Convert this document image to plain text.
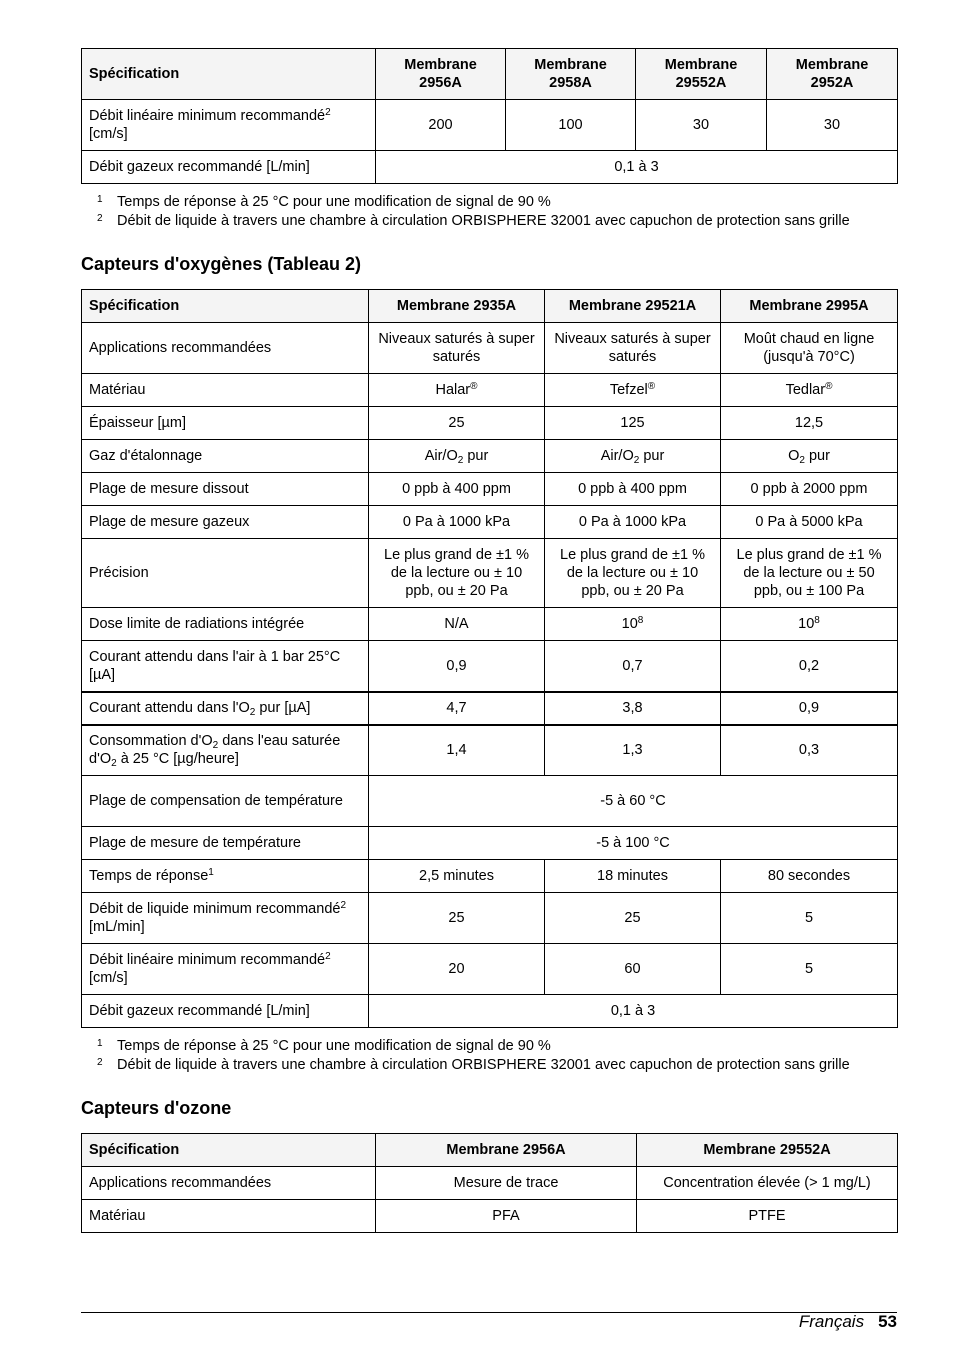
Spécification	Membrane 2956A	Membrane 2958A	Membrane 29552A	Membrane 2952A
Débit linéaire minimum recommandé$^2$
[cm/s]	200	100	30	30
Débit gazeux recommandé [L/min]	0,1 à 3			
1 Temps de réponse à 25 °C pour une modification de signal de 90 %
2 Débit de liquide à travers une chambre à circulation ORBISPHERE 32001 avec capuchon de protection sans grille
Capteurs d'oxygènes (Tableau 2)
Spécification	Membrane 2935A	Membrane 29521A	Membrane 2995A
Applications recommandées	Niveaux saturés à super saturés	Niveaux saturés à super saturés	Moût chaud en ligne (jusqu'à 70°C)
Matériau	Halar®	Tefzel®	Tedlar®
Épaisseur [µm]	25	125	12,5
Gaz d'étalonnage	Air/$O_2$ pur	Air/$O_2$ pur	$O_2$ pur
Plage de mesure dissout	0 ppb à 400 ppm	0 ppb à 400 ppm	0 ppb à 2000 ppm
Plage de mesure gazeux	0 Pa à 1000 kPa	0 Pa à 1000 kPa	0 Pa à 5000 kPa
Précision	Le plus grand de ±1 % de la lecture ou ± 10 ppb, ou ± 20 Pa	Le plus grand de ±1 % de la lecture ou ± 10 ppb, ou ± 20 Pa	Le plus grand de ±1 % de la lecture ou ± 50 ppb, ou ± 100 Pa
Dose limite de radiations intégrée	N/A	$10^8$	$10^8$
Courant attendu dans l'air à 1 bar 25°C [µA]	0,9	0,7	0,2
Courant attendu dans $l'O_2$ pur [µA]	4,7	3,8	0,9
Consommation $d'O_2$ dans l'eau saturée $d'O_2$ à 25 °C [µg/heure]	1,4	1,3	0,3
Plage de compensation de température	-5 à 60 °C		
Plage de mesure de température	-5 à 100 °C		
Temps de réponse$^1$	2,5 minutes	18 minutes	80 secondes
Débit de liquide minimum recommandé$^2$ [mL/min]	25	25	5
Débit linéaire minimum recommandé$^2$
[cm/s]	20	60	5
Débit gazeux recommandé [L/min]	0,1 à 3		
1 Temps de réponse à 25 °C pour une modification de signal de 90 %
2 Débit de liquide à travers une chambre à circulation ORBISPHERE 32001 avec capuchon de protection sans grille
Capteurs d'ozone
Spécification	Membrane 2956A	Membrane 29552A
Applications recommandées	Mesure de trace	Concentration élevée (> 1 mg/L)
Matériau	PFA	PTFE
Français 53
